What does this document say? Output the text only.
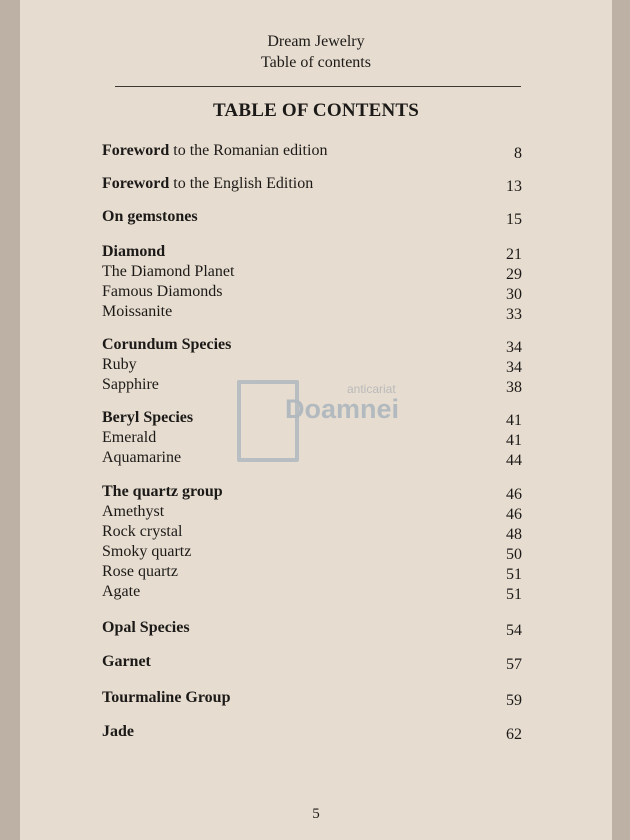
Dream Jewelry
Table of contents
TABLE OF CONTENTS
Foreword to the Romanian edition	8
Foreword to the English Edition	13
On gemstones	15
Diamond	21
The Diamond Planet	29
Famous Diamonds	30
Moissanite	33
Corundum Species	34
Ruby	34
Sapphire	38
Beryl Species	41
Emerald	41
Aquamarine	44
The quartz group	46
Amethyst	46
Rock crystal	48
Smoky quartz	50
Rose quartz	51
Agate	51
Opal Species	54
Garnet	57
Tourmaline Group	59
Jade	62
anticariat
Doamnei
5
